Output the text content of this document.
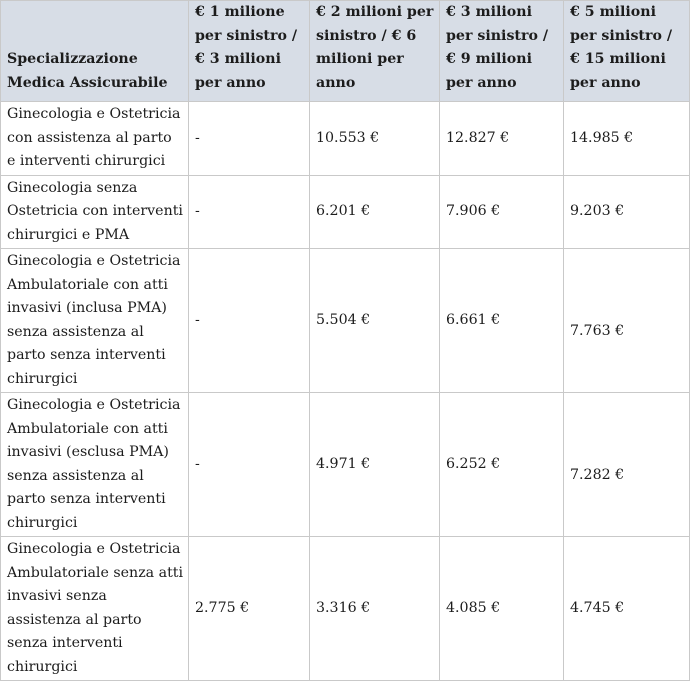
Specializzazione Medica Assicurabile	€ 1 milione per sinistro / € 3 milioni per anno	€ 2 milioni per sinistro / € 6 milioni per anno	€ 3 milioni per sinistro / € 9 milioni per anno	€ 5 milioni per sinistro / € 15 milioni per anno
Ginecologia e Ostetricia con assistenza al parto e interventi chirurgici	-	10.553 €	12.827 €	14.985 €
Ginecologia senza Ostetricia con interventi chirurgici e PMA	-	6.201 €	7.906 €	9.203 €
Ginecologia e Ostetricia Ambulatoriale con atti invasivi (inclusa PMA) senza assistenza al parto senza interventi chirurgici	-	5.504 €	6.661 €	7.763 €
Ginecologia e Ostetricia Ambulatoriale con atti invasivi (esclusa PMA) senza assistenza al parto senza interventi chirurgici	-	4.971 €	6.252 €	7.282 €
Ginecologia e Ostetricia Ambulatoriale senza atti invasivi senza assistenza al parto senza interventi chirurgici	2.775 €	3.316 €	4.085 €	4.745 €
